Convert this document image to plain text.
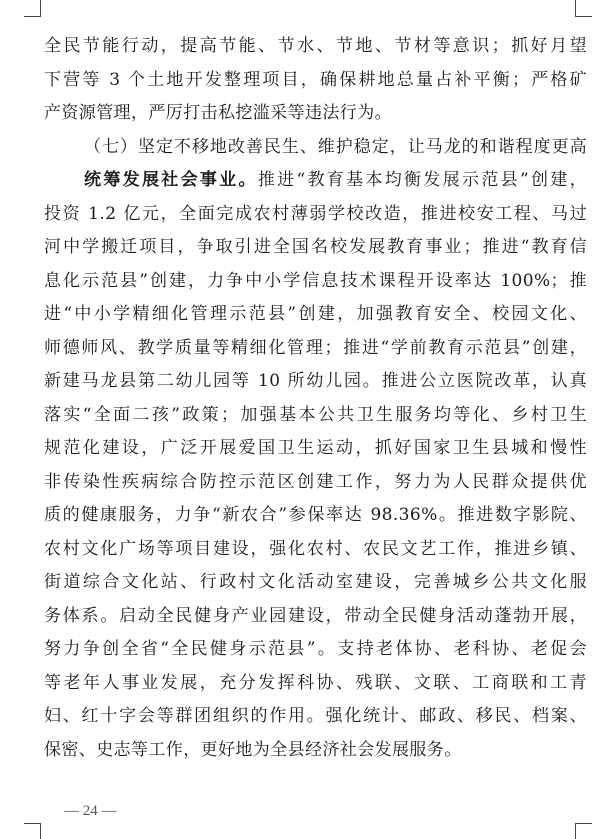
全民节能行动，提高节能、节水、节地、节材等意识；抓好月望
下营等 3 个土地开发整理项目，确保耕地总量占补平衡；严格矿
产资源管理，严厉打击私挖滥采等违法行为。
（七）坚定不移地改善民生、维护稳定，让马龙的和谐程度更高
统筹发展社会事业。推进“教育基本均衡发展示范县”创建，
投资 1.2 亿元，全面完成农村薄弱学校改造，推进校安工程、马过
河中学搬迁项目，争取引进全国名校发展教育事业；推进“教育信
息化示范县”创建，力争中小学信息技术课程开设率达 100%；推
进“中小学精细化管理示范县”创建，加强教育安全、校园文化、
师德师风、教学质量等精细化管理；推进“学前教育示范县”创建，
新建马龙县第二幼儿园等 10 所幼儿园。推进公立医院改革，认真
落实“全面二孩”政策；加强基本公共卫生服务均等化、乡村卫生
规范化建设，广泛开展爱国卫生运动，抓好国家卫生县城和慢性
非传染性疾病综合防控示范区创建工作，努力为人民群众提供优
质的健康服务，力争“新农合”参保率达 98.36%。推进数字影院、
农村文化广场等项目建设，强化农村、农民文艺工作，推进乡镇、
街道综合文化站、行政村文化活动室建设，完善城乡公共文化服
务体系。启动全民健身产业园建设，带动全民健身活动蓬勃开展，
努力争创全省“全民健身示范县”。支持老体协、老科协、老促会
等老年人事业发展，充分发挥科协、残联、文联、工商联和工青
妇、红十字会等群团组织的作用。强化统计、邮政、移民、档案、
保密、史志等工作，更好地为全县经济社会发展服务。
— 24 —
